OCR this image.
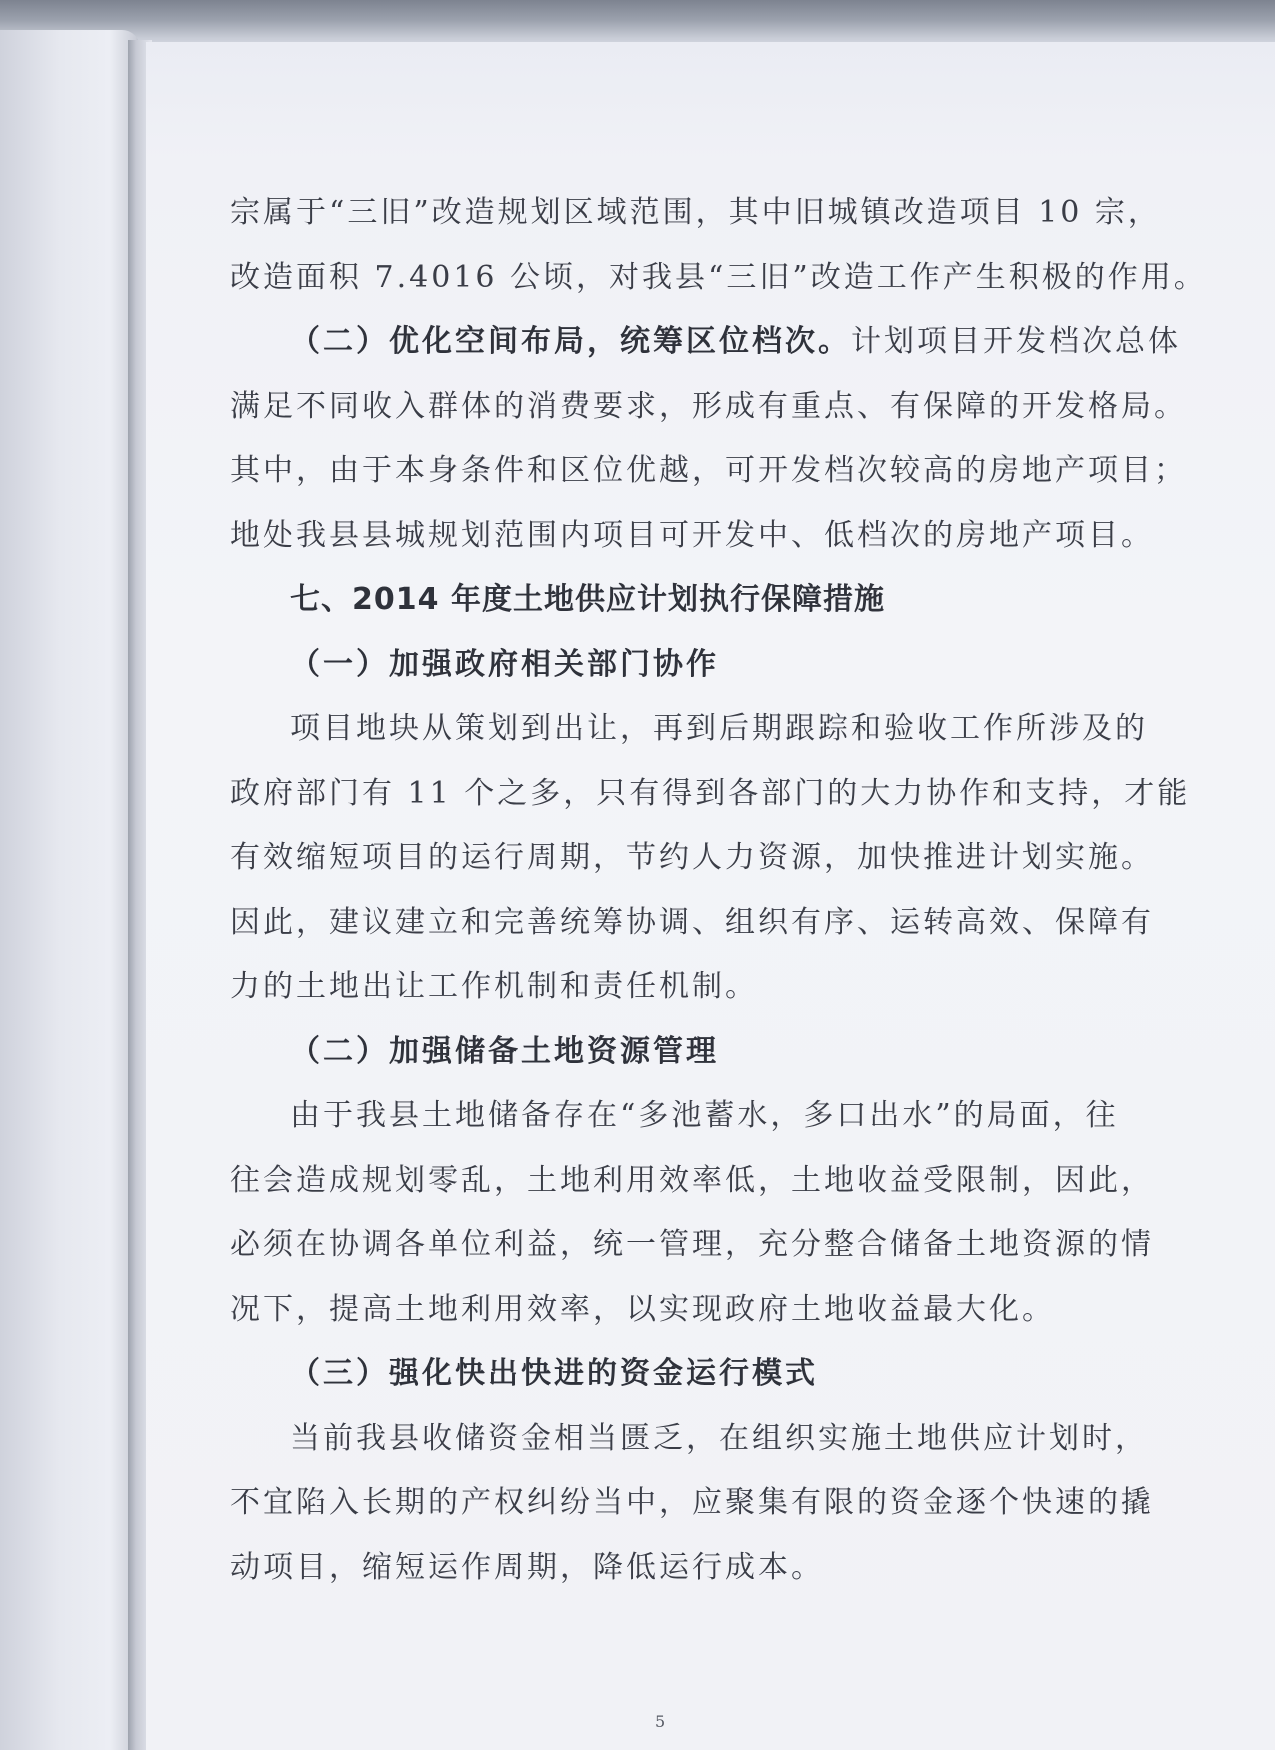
宗属于“三旧”改造规划区域范围，其中旧城镇改造项目 10 宗，
改造面积 7.4016 公顷，对我县“三旧”改造工作产生积极的作用。
（二）优化空间布局，统筹区位档次。计划项目开发档次总体
满足不同收入群体的消费要求，形成有重点、有保障的开发格局。
其中，由于本身条件和区位优越，可开发档次较高的房地产项目；
地处我县县城规划范围内项目可开发中、低档次的房地产项目。
七、2014 年度土地供应计划执行保障措施
（一）加强政府相关部门协作
项目地块从策划到出让，再到后期跟踪和验收工作所涉及的
政府部门有 11 个之多，只有得到各部门的大力协作和支持，才能
有效缩短项目的运行周期，节约人力资源，加快推进计划实施。
因此，建议建立和完善统筹协调、组织有序、运转高效、保障有
力的土地出让工作机制和责任机制。
（二）加强储备土地资源管理
由于我县土地储备存在“多池蓄水，多口出水”的局面，往
往会造成规划零乱，土地利用效率低，土地收益受限制，因此，
必须在协调各单位利益，统一管理，充分整合储备土地资源的情
况下，提高土地利用效率，以实现政府土地收益最大化。
（三）强化快出快进的资金运行模式
当前我县收储资金相当匮乏，在组织实施土地供应计划时，
不宜陷入长期的产权纠纷当中，应聚集有限的资金逐个快速的撬
动项目，缩短运作周期，降低运行成本。
5
